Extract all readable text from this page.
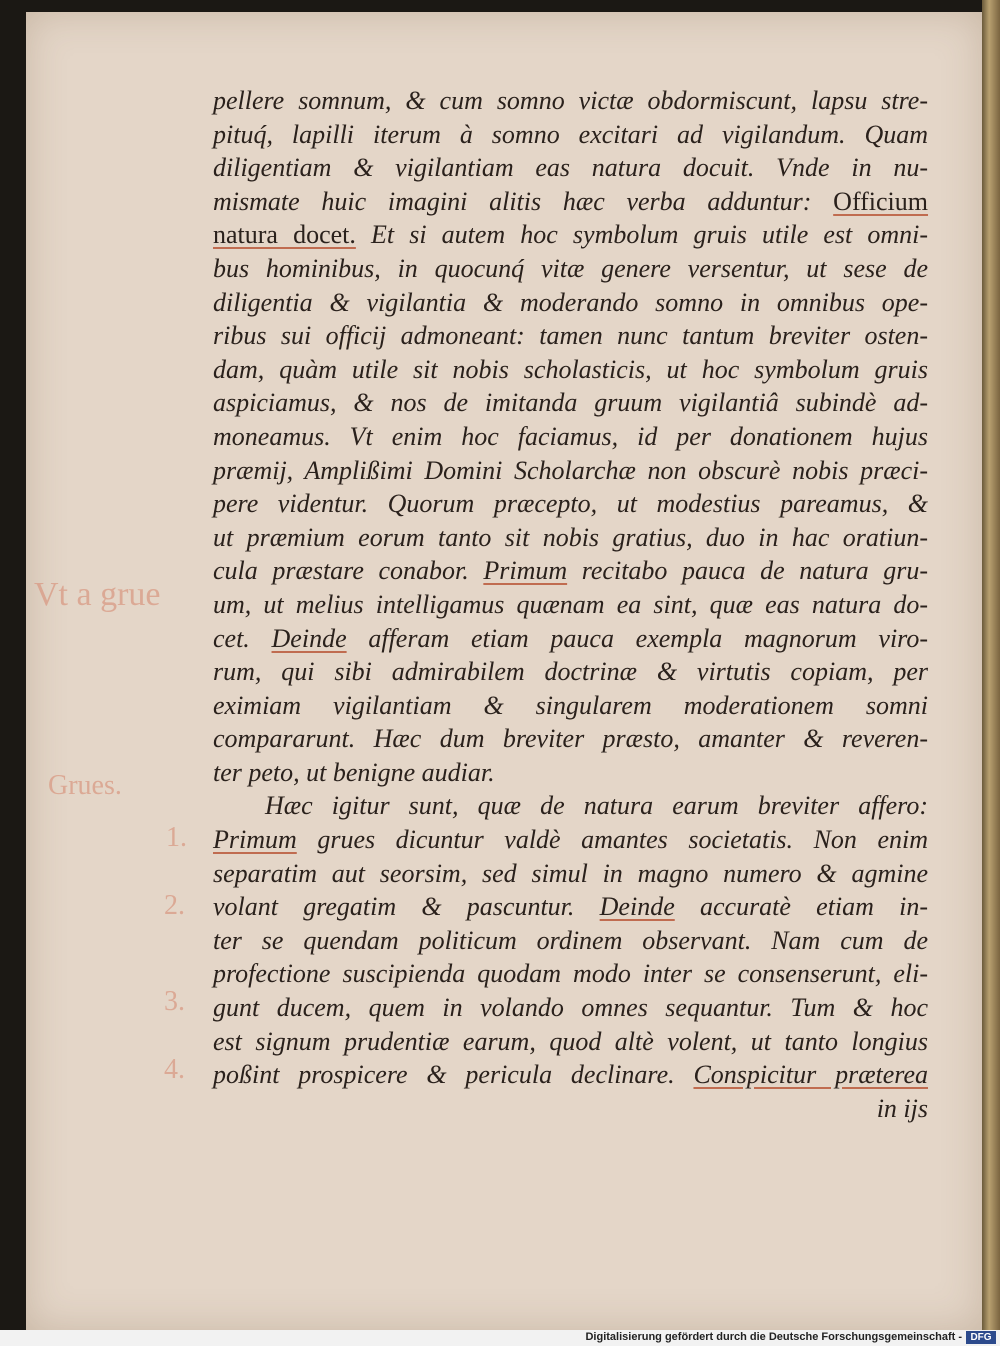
Vt a grue
Grues.
1.
2.
3.
4.
pellere somnum, & cum somno victæ obdormiscunt, lapsu stre-
pituq́, lapilli iterum à somno excitari ad vigilandum. Quam
diligentiam & vigilantiam eas natura docuit. Vnde in nu-
mismate huic imagini alitis hæc verba adduntur: Officium
natura docet. Et si autem hoc symbolum gruis utile est omni-
bus hominibus, in quocunq́ vitæ genere versentur, ut sese de
diligentia & vigilantia & moderando somno in omnibus ope-
ribus sui officij admoneant: tamen nunc tantum breviter osten-
dam, quàm utile sit nobis scholasticis, ut hoc symbolum gruis
aspiciamus, & nos de imitanda gruum vigilantiâ subindè ad-
moneamus. Vt enim hoc faciamus, id per donationem hujus
præmij, Amplißimi Domini Scholarchæ non obscurè nobis præci-
pere videntur. Quorum præcepto, ut modestius pareamus, &
ut præmium eorum tanto sit nobis gratius, duo in hac oratiun-
cula præstare conabor. Primum recitabo pauca de natura gru-
um, ut melius intelligamus quænam ea sint, quæ eas natura do-
cet. Deinde afferam etiam pauca exempla magnorum viro-
rum, qui sibi admirabilem doctrinæ & virtutis copiam, per
eximiam vigilantiam & singularem moderationem somni
compararunt. Hæc dum breviter præsto, amanter & reveren-
ter peto, ut benigne audiar.
Hæc igitur sunt, quæ de natura earum breviter affero:
Primum grues dicuntur valdè amantes societatis. Non enim
separatim aut seorsim, sed simul in magno numero & agmine
volant gregatim & pascuntur. Deinde accuratè etiam in-
ter se quendam politicum ordinem observant. Nam cum de
profectione suscipienda quodam modo inter se consenserunt, eli-
gunt ducem, quem in volando omnes sequantur. Tum & hoc
est signum prudentiæ earum, quod altè volent, ut tanto longius
poßint prospicere & pericula declinare. Conspicitur præterea
in ijs
Digitalisierung gefördert durch die Deutsche Forschungsgemeinschaft - DFG
